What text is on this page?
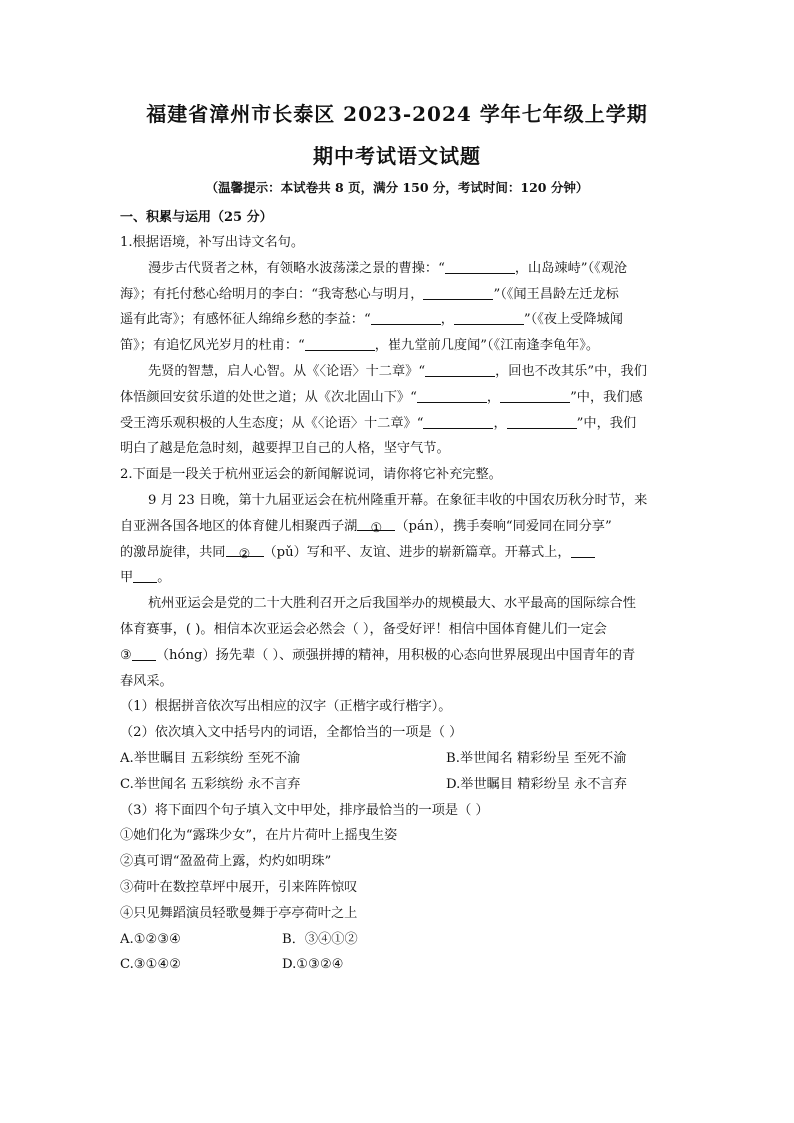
福建省漳州市长泰区 2023-2024 学年七年级上学期
期中考试语文试题
（温馨提示：本试卷共 8 页，满分 150 分，考试时间：120 分钟）
一、积累与运用（25 分）
1.根据语境，补写出诗文名句。
漫步古代贤者之林，有领略水波荡漾之景的曹操：“	，山岛竦峙”（《观沧
海》；有托付愁心给明月的李白：“我寄愁心与明月，	”（《闻王昌龄左迁龙标
遥有此寄》；有感怀征人绵绵乡愁的李益：“	，	”（《夜上受降城闻
笛》；有追忆风光岁月的杜甫：“	，崔九堂前几度闻”（《江南逢李龟年》。
先贤的智慧，启人心智。从《〈论语〉十二章》“	，回也不改其乐”中，我们
体悟颜回安贫乐道的处世之道；从《次北固山下》“	，	”中，我们感
受王湾乐观积极的人生态度；从《〈论语〉十二章》“	，	”中，我们
明白了越是危急时刻，越要捍卫自己的人格，坚守气节。
2.下面是一段关于杭州亚运会的新闻解说词，请你将它补充完整。
9 月 23 日晚，第十九届亚运会在杭州隆重开幕。在象征丰收的中国农历秋分时节，来
自亚洲各国各地区的体育健儿相聚西子湖 ① （pán），携手奏响“同爱同在同分享”
的激昂旋律，共同 ② （pǔ）写和平、友谊、进步的崭新篇章。开幕式上，
甲 。
杭州亚运会是党的二十大胜利召开之后我国举办的规模最大、水平最高的国际综合性
体育赛事，( )。相信本次亚运会必然会（ ），备受好评！相信中国体育健儿们一定会
③ （hóng）扬先辈（ ）、顽强拼搏的精神，用积极的心态向世界展现出中国青年的青
春风采。
（1）根据拼音依次写出相应的汉字（正楷字或行楷字）。
（2）依次填入文中括号内的词语，全都恰当的一项是（ ）
A.举世瞩目 五彩缤纷 至死不渝	B.举世闻名 精彩纷呈 至死不渝
C.举世闻名 五彩缤纷 永不言弃	D.举世瞩目 精彩纷呈 永不言弃
（3）将下面四个句子填入文中甲处，排序最恰当的一项是（ ）
①她们化为“露珠少女”，在片片荷叶上摇曳生姿
②真可谓“盈盈荷上露，灼灼如明珠”
③荷叶在数控草坪中展开，引来阵阵惊叹
④只见舞蹈演员轻歌曼舞于亭亭荷叶之上
A.①②③④	B．③④①②
C.③①④②	D.①③②④
